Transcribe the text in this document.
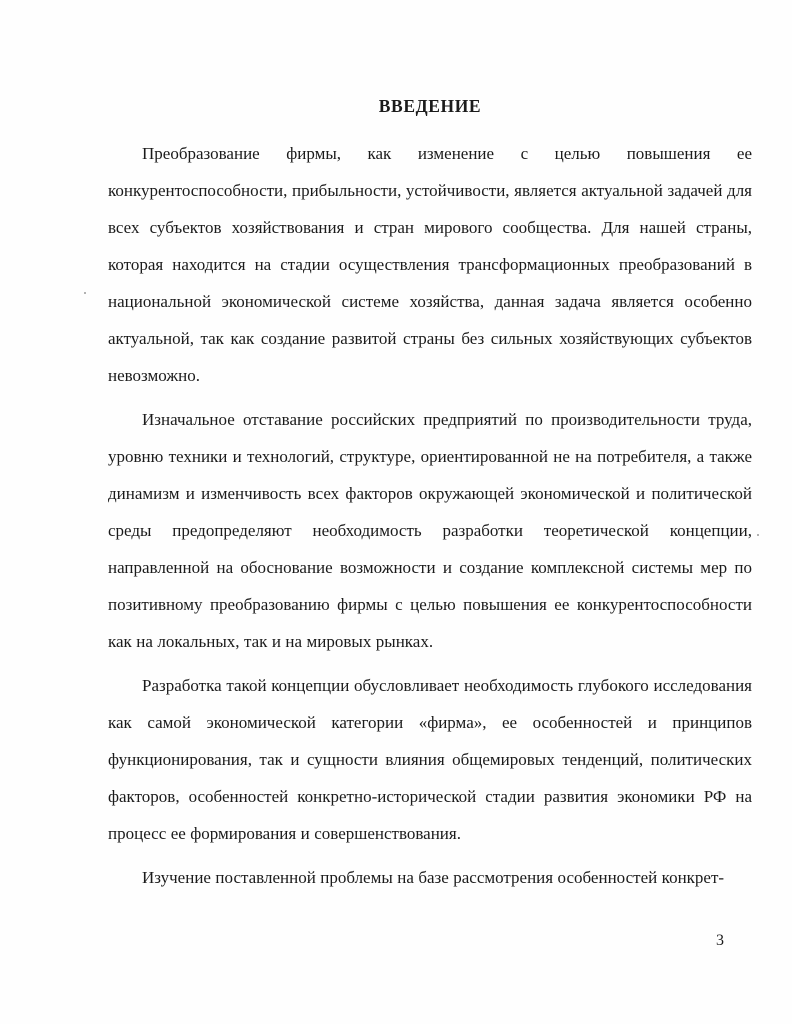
ВВЕДЕНИЕ

Преобразование фирмы, как изменение с целью повышения ее конкурентоспособности, прибыльности, устойчивости, является актуальной задачей для всех субъектов хозяйствования и стран мирового сообщества. Для нашей страны, которая находится на стадии осуществления трансформационных преобразований в национальной экономической системе хозяйства, данная задача является особенно актуальной, так как создание развитой страны без сильных хозяйствующих субъектов невозможно.

Изначальное отставание российских предприятий по производительности труда, уровню техники и технологий, структуре, ориентированной не на потребителя, а также динамизм и изменчивость всех факторов окружающей экономической и политической среды предопределяют необходимость разработки теоретической концепции, направленной на обоснование возможности и создание комплексной системы мер по позитивному преобразованию фирмы с целью повышения ее конкурентоспособности как на локальных, так и на мировых рынках.

Разработка такой концепции обусловливает необходимость глубокого исследования как самой экономической категории «фирма», ее особенностей и принципов функционирования, так и сущности влияния общемировых тенденций, политических факторов, особенностей конкретно-исторической стадии развития экономики РФ на процесс ее формирования и совершенствования.

Изучение поставленной проблемы на базе рассмотрения особенностей конкрет-

3
